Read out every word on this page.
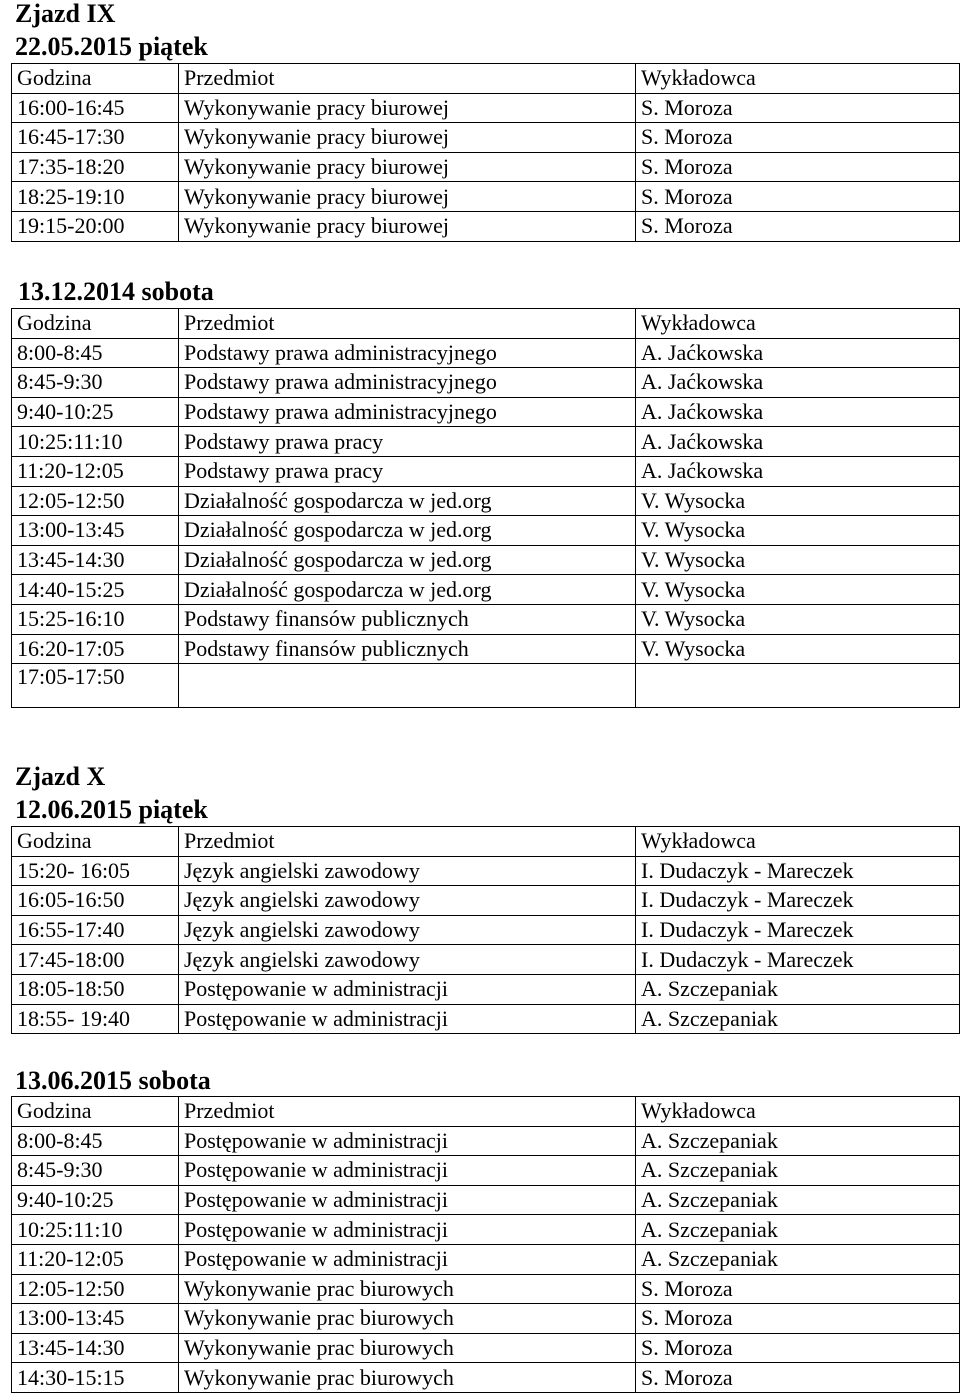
Zjazd IX
22.05.2015 piątek
Godzina	Przedmiot	Wykładowca
16:00-16:45	Wykonywanie pracy biurowej	S. Moroza
16:45-17:30	Wykonywanie pracy biurowej	S. Moroza
17:35-18:20	Wykonywanie pracy biurowej	S. Moroza
18:25-19:10	Wykonywanie pracy biurowej	S. Moroza
19:15-20:00	Wykonywanie pracy biurowej	S. Moroza
13.12.2014 sobota
Godzina	Przedmiot	Wykładowca
8:00-8:45	Podstawy prawa administracyjnego	A. Jaćkowska
8:45-9:30	Podstawy prawa administracyjnego	A. Jaćkowska
9:40-10:25	Podstawy prawa administracyjnego	A. Jaćkowska
10:25:11:10	Podstawy prawa pracy	A. Jaćkowska
11:20-12:05	Podstawy prawa pracy	A. Jaćkowska
12:05-12:50	Działalność gospodarcza w jed.org	V. Wysocka
13:00-13:45	Działalność gospodarcza w jed.org	V. Wysocka
13:45-14:30	Działalność gospodarcza w jed.org	V. Wysocka
14:40-15:25	Działalność gospodarcza w jed.org	V. Wysocka
15:25-16:10	Podstawy finansów publicznych	V. Wysocka
16:20-17:05	Podstawy finansów publicznych	V. Wysocka
17:05-17:50		
Zjazd X
12.06.2015 piątek
Godzina	Przedmiot	Wykładowca
15:20- 16:05	Język angielski zawodowy	I. Dudaczyk - Mareczek
16:05-16:50	Język angielski zawodowy	I. Dudaczyk - Mareczek
16:55-17:40	Język angielski zawodowy	I. Dudaczyk - Mareczek
17:45-18:00	Język angielski zawodowy	I. Dudaczyk - Mareczek
18:05-18:50	Postępowanie w administracji	A. Szczepaniak
18:55- 19:40	Postępowanie w administracji	A. Szczepaniak
13.06.2015 sobota
Godzina	Przedmiot	Wykładowca
8:00-8:45	Postępowanie w administracji	A. Szczepaniak
8:45-9:30	Postępowanie w administracji	A. Szczepaniak
9:40-10:25	Postępowanie w administracji	A. Szczepaniak
10:25:11:10	Postępowanie w administracji	A. Szczepaniak
11:20-12:05	Postępowanie w administracji	A. Szczepaniak
12:05-12:50	Wykonywanie prac biurowych	S. Moroza
13:00-13:45	Wykonywanie prac biurowych	S. Moroza
13:45-14:30	Wykonywanie prac biurowych	S. Moroza
14:30-15:15	Wykonywanie prac biurowych	S. Moroza
